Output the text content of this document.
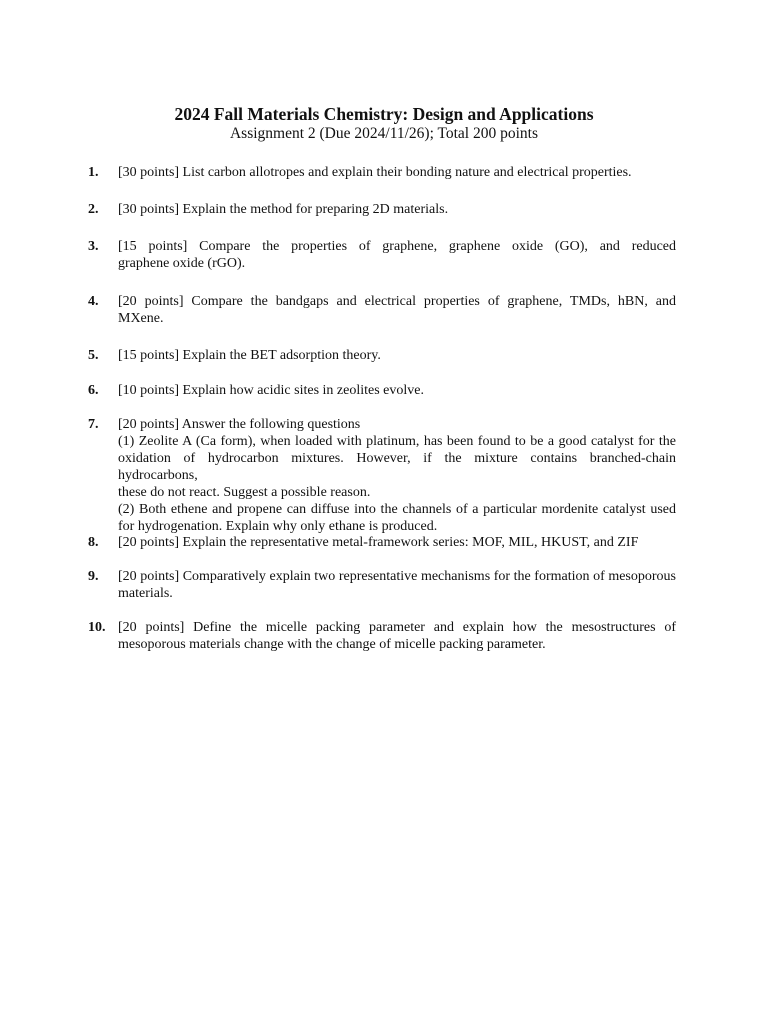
2024 Fall Materials Chemistry: Design and Applications
Assignment 2 (Due 2024/11/26); Total 200 points
1.	[30 points] List carbon allotropes and explain their bonding nature and electrical properties.
2.	[30 points] Explain the method for preparing 2D materials.
3.	[15 points] Compare the properties of graphene, graphene oxide (GO), and reduced
graphene oxide (rGO).
4.	[20 points] Compare the bandgaps and electrical properties of graphene, TMDs, hBN, and
MXene.
5.	[15 points] Explain the BET adsorption theory.
6.	[10 points] Explain how acidic sites in zeolites evolve.
7.	[20 points] Answer the following questions
(1) Zeolite A (Ca form), when loaded with platinum, has been found to be a good catalyst for the
oxidation of hydrocarbon mixtures. However, if the mixture contains branched-chain hydrocarbons,
these do not react. Suggest a possible reason.
(2) Both ethene and propene can diffuse into the channels of a particular mordenite catalyst used
for hydrogenation. Explain why only ethane is produced.
8.	[20 points] Explain the representative metal-framework series: MOF, MIL, HKUST, and ZIF
9.	[20 points] Comparatively explain two representative mechanisms for the formation of mesoporous
materials.
10. [20 points] Define the micelle packing parameter and explain how the mesostructures of
mesoporous materials change with the change of micelle packing parameter.
